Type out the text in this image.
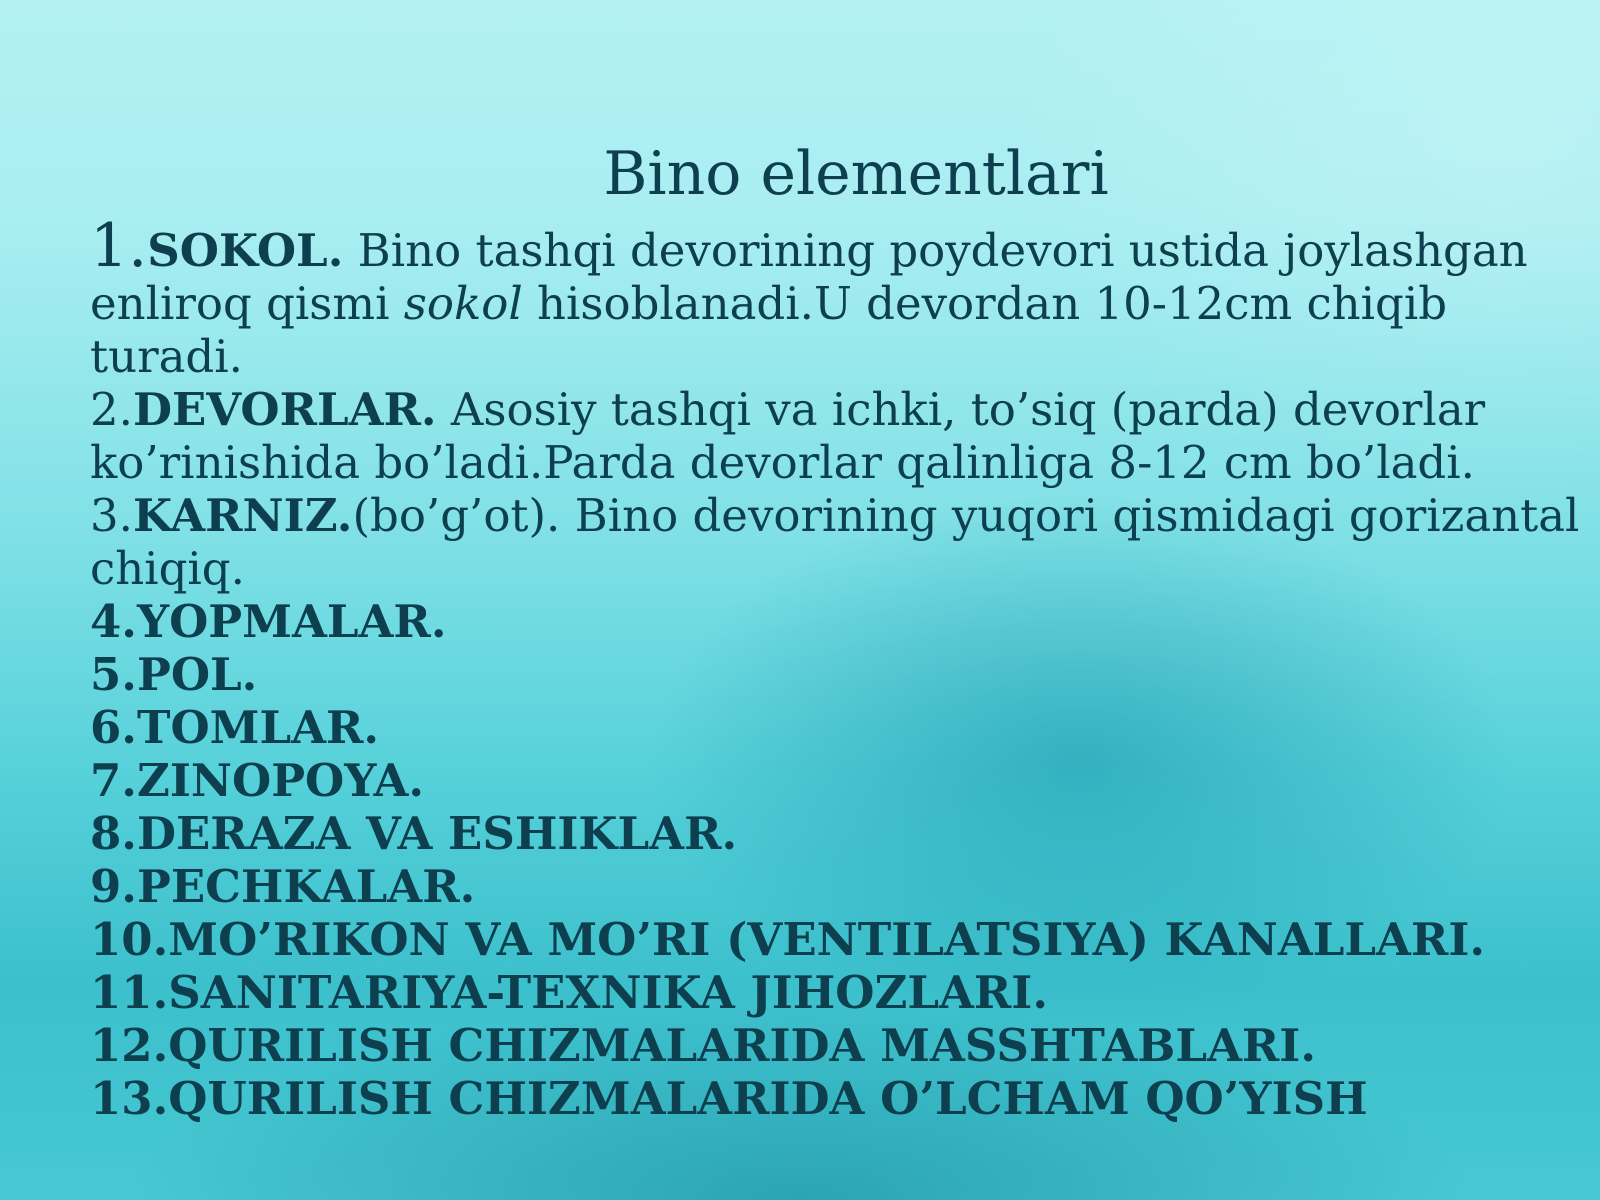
Bino elementlari

1.SOKOL. Bino tashqi devorining poydevori ustida joylashgan enliroq qismi sokol hisoblanadi.U devordan 10-12cm chiqib turadi.

2.DEVORLAR. Asosiy tashqi va ichki, to’siq (parda) devorlar ko’rinishida bo’ladi.Parda devorlar qalinliga 8-12 cm bo’ladi.

3.KARNIZ.(bo’g’ot). Bino devorining yuqori qismidagi gorizantal chiqiq.

4.YOPMALAR.

5.POL.

6.TOMLAR.

7.ZINOPOYA.

8.DERAZA VA ESHIKLAR.

9.PECHKALAR.

10.MO’RIKON VA MO’RI (VENTILATSIYA) KANALLARI.

11.SANITARIYA-TEXNIKA JIHOZLARI.

12.QURILISH CHIZMALARIDA MASSHTABLARI.

13.QURILISH CHIZMALARIDA O’LCHAM QO’YISH
